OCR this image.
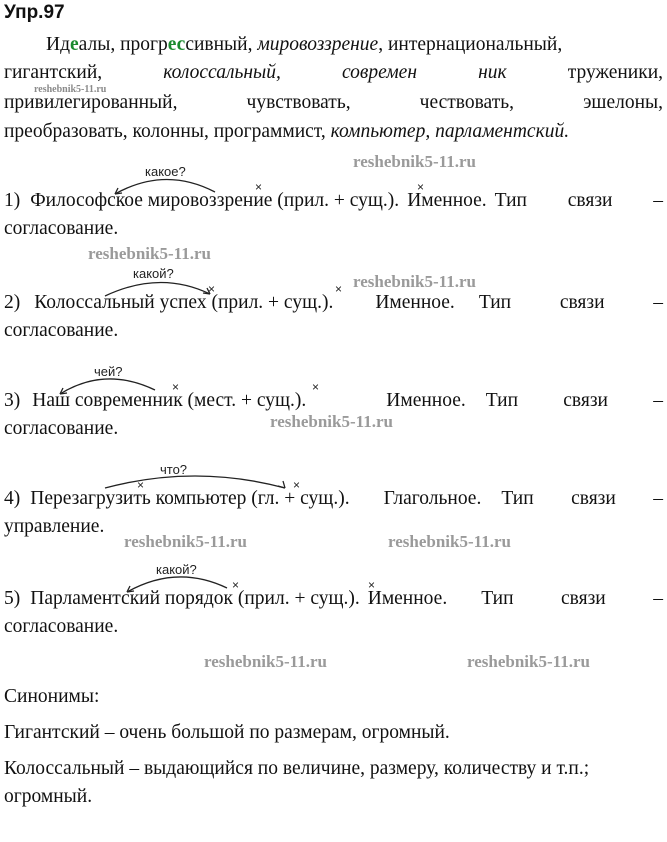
Упр.97
Идеалы, прогрессивный, мировоззрение, интернациональный,
гигантский,	колоссальный,	современ	ник	труженики,
reshebnik5-11.ru
привилегированный,	чувствовать,	чествовать,	эшелоны,
преобразовать, колонны, программист, компьютер, парламентский.
reshebnik5-11.ru
reshebnik5-11.ru
reshebnik5-11.ru
reshebnik5-11.ru
reshebnik5-11.ru	reshebnik5-11.ru
reshebnik5-11.ru	reshebnik5-11.ru
какое?
×	×
1) Философское мировоззрение (прил. + сущ.). Именное. Тип связи –
согласование.
какой?
×	×
2) Колоссальный успех (прил. + сущ.). Именное. Тип связи –
согласование.
чей?
×	×
3) Наш современник (мест. + сущ.).	Именное. Тип связи –
согласование.
что?
×	×
4) Перезагрузить компьютер (гл. + сущ.). Глагольное. Тип связи –
управление.
какой?
×	×
5) Парламентский порядок (прил. + сущ.). Именное. Тип связи –
согласование.
Синонимы:
Гигантский – очень большой по размерам, огромный.
Колоссальный – выдающийся по величине, размеру, количеству и т.п.;
огромный.
